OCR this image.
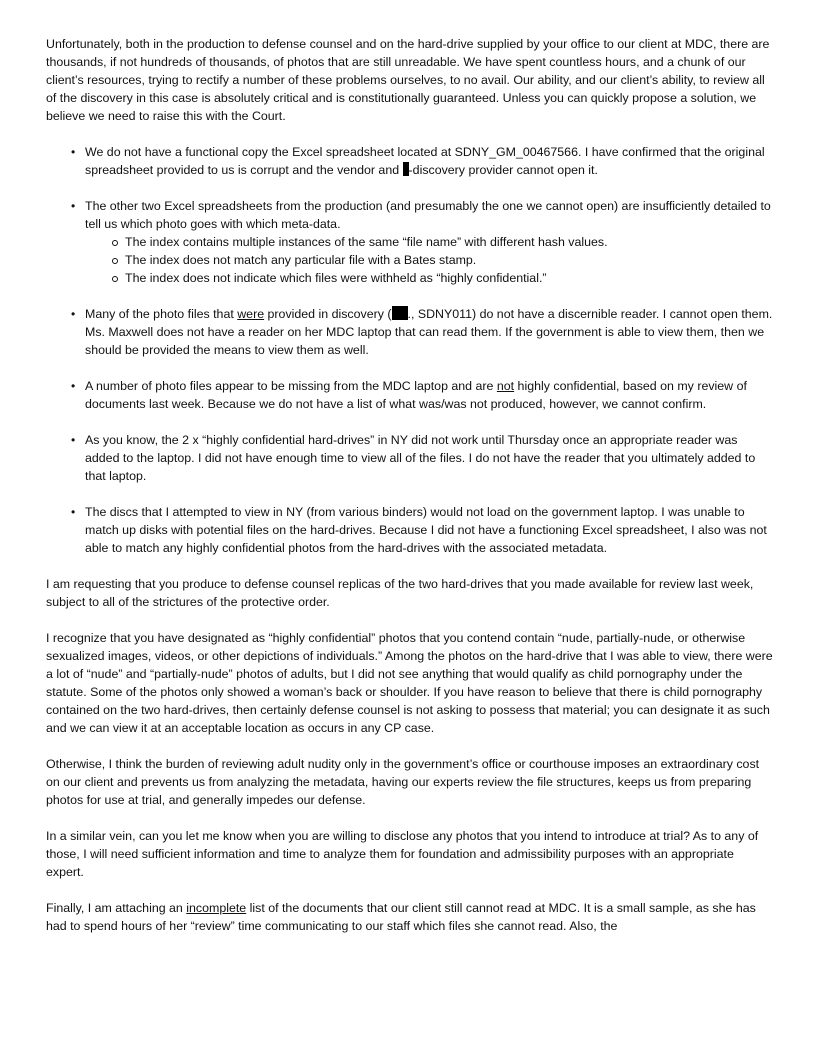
Unfortunately, both in the production to defense counsel and on the hard-drive supplied by your office to our client at MDC, there are thousands, if not hundreds of thousands, of photos that are still unreadable. We have spent countless hours, and a chunk of our client’s resources, trying to rectify a number of these problems ourselves, to no avail. Our ability, and our client’s ability, to review all of the discovery in this case is absolutely critical and is constitutionally guaranteed. Unless you can quickly propose a solution, we believe we need to raise this with the Court.

• We do not have a functional copy the Excel spreadsheet located at SDNY_GM_00467566. I have confirmed that the original spreadsheet provided to us is corrupt and the vendor and -discovery provider cannot open it.
• The other two Excel spreadsheets from the production (and presumably the one we cannot open) are insufficiently detailed to tell us which photo goes with which meta-data.
The index contains multiple instances of the same “file name” with different hash values.
The index does not match any particular file with a Bates stamp.
The index does not indicate which files were withheld as “highly confidential.”
• Many of the photo files that were provided in discovery ( ., SDNY011) do not have a discernible reader. I cannot open them. Ms. Maxwell does not have a reader on her MDC laptop that can read them. If the government is able to view them, then we should be provided the means to view them as well.
• A number of photo files appear to be missing from the MDC laptop and are not highly confidential, based on my review of documents last week. Because we do not have a list of what was/was not produced, however, we cannot confirm.
• As you know, the 2 x “highly confidential hard-drives” in NY did not work until Thursday once an appropriate reader was added to the laptop. I did not have enough time to view all of the files. I do not have the reader that you ultimately added to that laptop.
• The discs that I attempted to view in NY (from various binders) would not load on the government laptop. I was unable to match up disks with potential files on the hard-drives. Because I did not have a functioning Excel spreadsheet, I also was not able to match any highly confidential photos from the hard-drives with the associated metadata.

I am requesting that you produce to defense counsel replicas of the two hard-drives that you made available for review last week, subject to all of the strictures of the protective order.

I recognize that you have designated as “highly confidential” photos that you contend contain “nude, partially-nude, or otherwise sexualized images, videos, or other depictions of individuals.” Among the photos on the hard-drive that I was able to view, there were a lot of “nude” and “partially-nude” photos of adults, but I did not see anything that would qualify as child pornography under the statute. Some of the photos only showed a woman’s back or shoulder. If you have reason to believe that there is child pornography contained on the two hard-drives, then certainly defense counsel is not asking to possess that material; you can designate it as such and we can view it at an acceptable location as occurs in any CP case.

Otherwise, I think the burden of reviewing adult nudity only in the government’s office or courthouse imposes an extraordinary cost on our client and prevents us from analyzing the metadata, having our experts review the file structures, keeps us from preparing photos for use at trial, and generally impedes our defense.

In a similar vein, can you let me know when you are willing to disclose any photos that you intend to introduce at trial? As to any of those, I will need sufficient information and time to analyze them for foundation and admissibility purposes with an appropriate expert.

Finally, I am attaching an incomplete list of the documents that our client still cannot read at MDC. It is a small sample, as she has had to spend hours of her “review” time communicating to our staff which files she cannot read. Also, the
